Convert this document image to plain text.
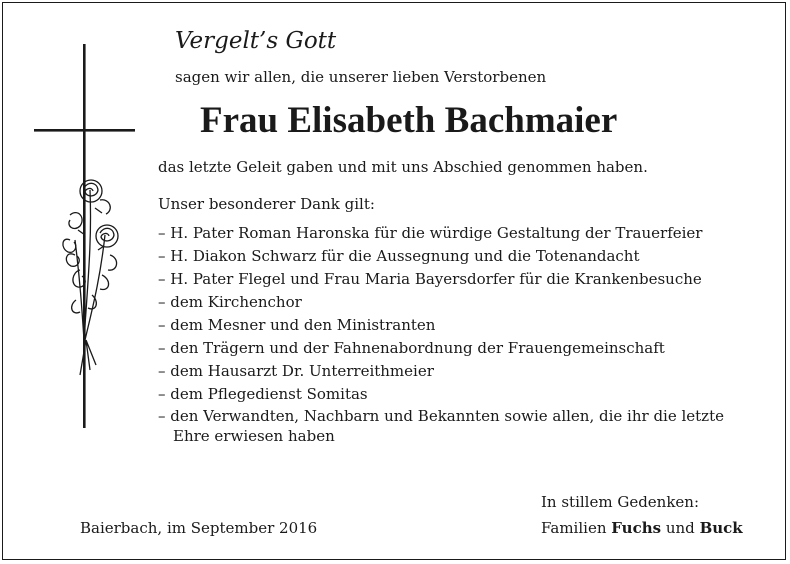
Vergelt’s Gott
sagen wir allen, die unserer lieben Verstorbenen
Frau Elisabeth Bachmaier
das letzte Geleit gaben und mit uns Abschied genommen haben.
Unser besonderer Dank gilt:
– H. Pater Roman Haronska für die würdige Gestaltung der Trauerfeier
– H. Diakon Schwarz für die Aussegnung und die Totenandacht
– H. Pater Flegel und Frau Maria Bayersdorfer für die Krankenbesuche
– dem Kirchenchor
– dem Mesner und den Ministranten
– den Trägern und der Fahnenabordnung der Frauengemeinschaft
– dem Hausarzt Dr. Unterreithmeier
– dem Pflegedienst Somitas
– den Verwandten, Nachbarn und Bekannten sowie allen, die ihr die letzte Ehre erwiesen haben
Baierbach, im September 2016
In stillem Gedenken:
Familien Fuchs und Buck
